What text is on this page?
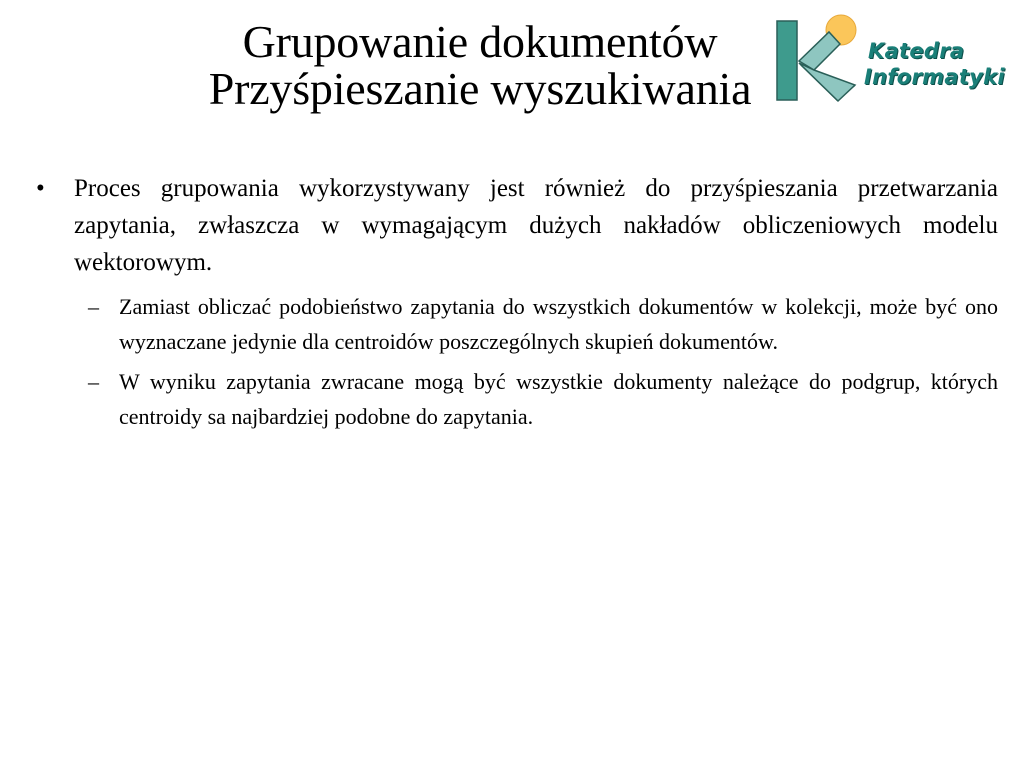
Grupowanie dokumentów
Przyśpieszanie wyszukiwania
Katedra
Informatyki
•	Proces grupowania wykorzystywany jest również do przyśpieszania przetwarzania zapytania, zwłaszcza w wymagającym dużych nakładów obliczeniowych modelu wektorowym.
– Zamiast obliczać podobieństwo zapytania do wszystkich dokumentów w kolekcji, może być ono wyznaczane jedynie dla centroidów poszczególnych skupień dokumentów.
– W wyniku zapytania zwracane mogą być wszystkie dokumenty należące do podgrup, których centroidy sa najbardziej podobne do zapytania.
